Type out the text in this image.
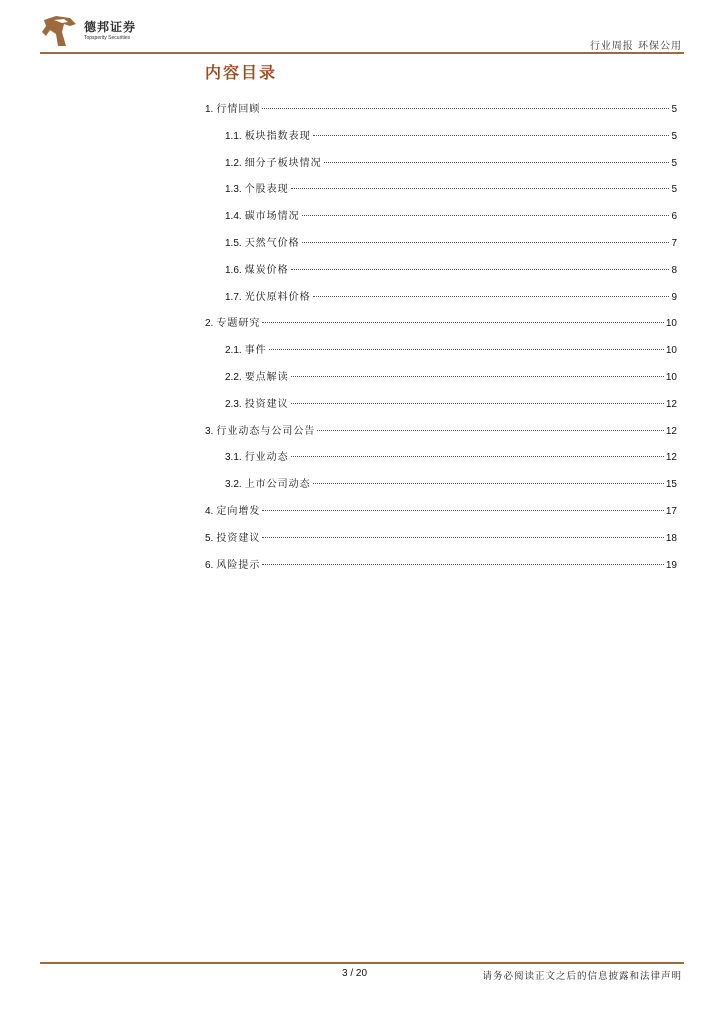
德邦证券
Topsperity Securities
行业周报 环保公用
内容目录
1. 行情回顾	5
1.1. 板块指数表现	5
1.2. 细分子板块情况	5
1.3. 个股表现	5
1.4. 碳市场情况	6
1.5. 天然气价格	7
1.6. 煤炭价格	8
1.7. 光伏原料价格	9
2. 专题研究	10
2.1. 事件	10
2.2. 要点解读	10
2.3. 投资建议	12
3. 行业动态与公司公告	12
3.1. 行业动态	12
3.2. 上市公司动态	15
4. 定向增发	17
5. 投资建议	18
6. 风险提示	19
3 / 20	请务必阅读正文之后的信息披露和法律声明
